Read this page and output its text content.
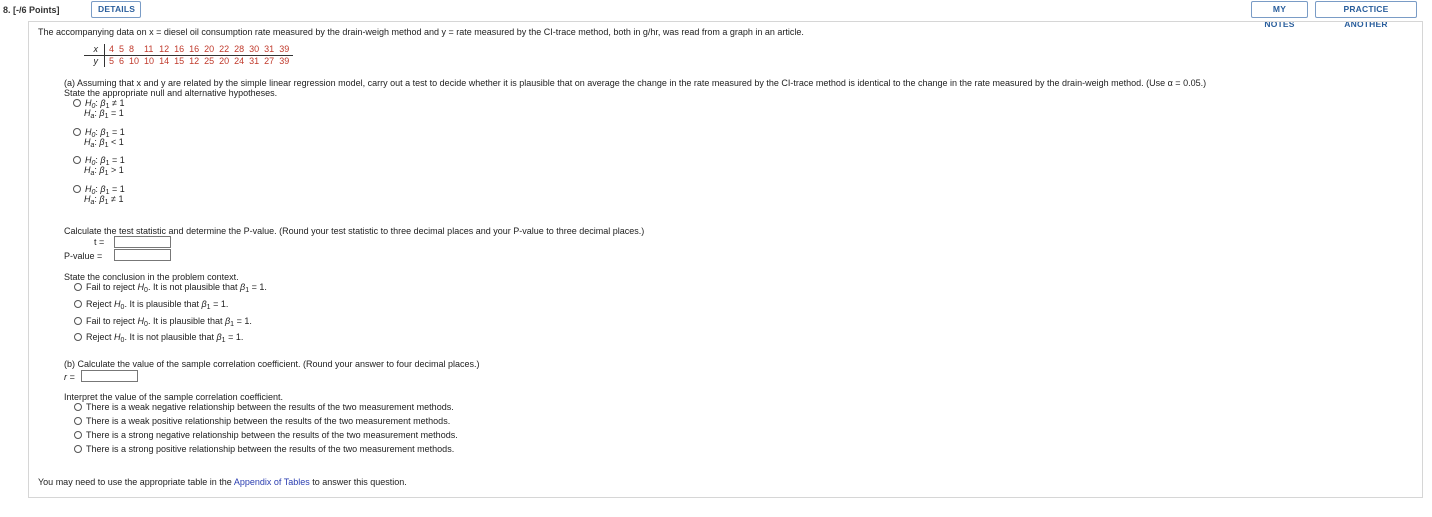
8. [-/6 Points]	DETAILS	MY NOTES
PRACTICE ANOTHER
The accompanying data on x = diesel oil consumption rate measured by the drain-weigh method and y = rate measured by the CI-trace method, both in g/hr, was read from a graph in an article.
x	4	5	8	11	12	16	16	20	22	28	30	31	39
y	5	6	10	10	14	15	12	25	20	24	31	27	39
(a) Assuming that x and y are related by the simple linear regression model, carry out a test to decide whether it is plausible that on average the change in the rate measured by the CI-trace method is identical to the change in the rate measured by the drain-weigh method. (Use α = 0.05.)
State the appropriate null and alternative hypotheses.
$H_0$: $\beta_1 \ne 1$
$H_a$: $\beta_1 = 1$
$H_0$: $\beta_1 = 1$
$H_a$: $\beta_1 < 1$
$H_0$: $\beta_1 = 1$
$H_a$: $\beta_1 > 1$
$H_0$: $\beta_1 = 1$
$H_a$: $\beta_1 \ne 1$
Calculate the test statistic and determine the P-value. (Round your test statistic to three decimal places and your P-value to three decimal places.)
t =
P-value =
State the conclusion in the problem context.
Fail to reject $H_0$. It is not plausible that $\beta_1 = 1$.
Reject $H_0$. It is plausible that $\beta_1 = 1$.
Fail to reject $H_0$. It is plausible that $\beta_1 = 1$.
Reject $H_0$. It is not plausible that $\beta_1 = 1$.
(b) Calculate the value of the sample correlation coefficient. (Round your answer to four decimal places.)
r =
Interpret the value of the sample correlation coefficient.
There is a weak negative relationship between the results of the two measurement methods.
There is a weak positive relationship between the results of the two measurement methods.
There is a strong negative relationship between the results of the two measurement methods.
There is a strong positive relationship between the results of the two measurement methods.
You may need to use the appropriate table in the Appendix of Tables to answer this question.
